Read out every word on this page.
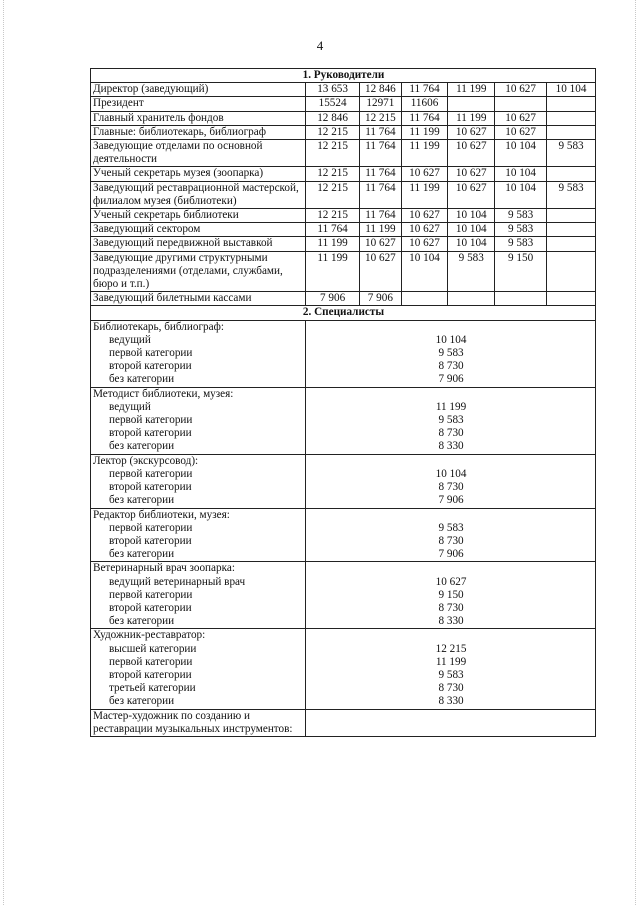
4
1. Руководители						
Директор (заведующий)	13 653	12 846	11 764	11 199	10 627	10 104
Президент	15524	12971	11606			
Главный хранитель фондов	12 846	12 215	11 764	11 199	10 627	
Главные: библиотекарь, библиограф	12 215	11 764	11 199	10 627	10 627	
Заведующие отделами по основной деятельности	12 215	11 764	11 199	10 627	10 104	9 583
Ученый секретарь музея (зоопарка)	12 215	11 764	10 627	10 627	10 104	
Заведующий реставрационной мастерской, филиалом музея (библиотеки)	12 215	11 764	11 199	10 627	10 104	9 583
Ученый секретарь библиотеки	12 215	11 764	10 627	10 104	9 583	
Заведующий сектором	11 764	11 199	10 627	10 104	9 583	
Заведующий передвижной выставкой	11 199	10 627	10 627	10 104	9 583	
Заведующие другими структурными подразделениями (отделами, службами, бюро и т.п.)	11 199	10 627	10 104	9 583	9 150	
Заведующий билетными кассами	7 906	7 906				
2. Специалисты						
Библиотекарь, библиограф:						
ведущий	10 104					
первой категории	9 583					
второй категории	8 730					
без категории	7 906					
Методист библиотеки, музея:						
ведущий	11 199					
первой категории	9 583					
второй категории	8 730					
без категории	8 330					
Лектор (экскурсовод):						
первой категории	10 104					
второй категории	8 730					
без категории	7 906					
Редактор библиотеки, музея:						
первой категории	9 583					
второй категории	8 730					
без категории	7 906					
Ветеринарный врач зоопарка:						
ведущий ветеринарный врач	10 627					
первой категории	9 150					
второй категории	8 730					
без категории	8 330					
Художник-реставратор:						
высшей категории	12 215					
первой категории	11 199					
второй категории	9 583					
третьей категории	8 730					
без категории	8 330					
Мастер-художник по созданию и реставрации музыкальных инструментов:						
